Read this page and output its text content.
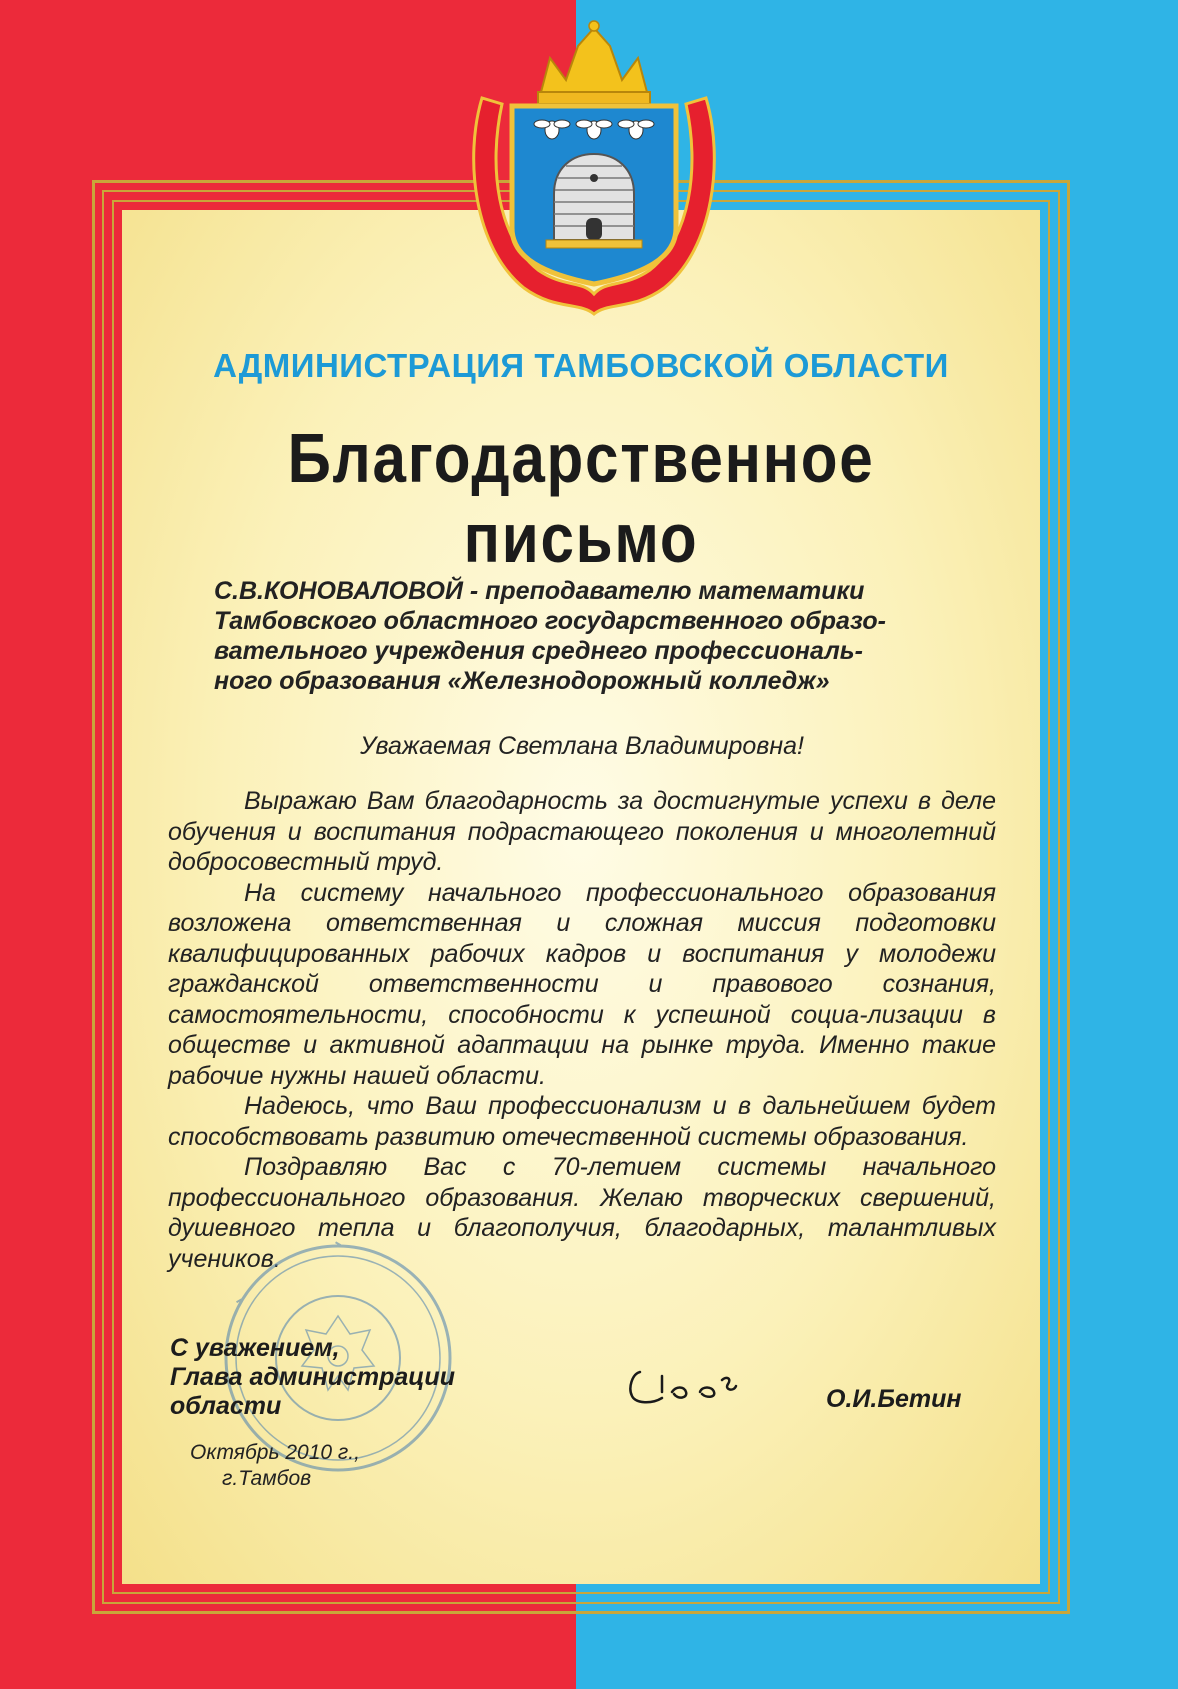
АДМИНИСТРАЦИЯ ТАМБОВСКОЙ ОБЛАСТИ
Благодарственное письмо

С.В.КОНОВАЛОВОЙ - преподавателю математики

Тамбовского областного государственного образо-

вательного учреждения среднего профессиональ-

ного образования «Железнодорожный колледж»

Уважаемая Светлана Владимировна!

Выражаю Вам благодарность за достигнутые успехи в деле обучения и воспитания подрастающего поколения и многолетний добросовестный труд.

На систему начального профессионального образования возложена ответственная и сложная миссия подготовки квалифицированных рабочих кадров и воспитания у молодежи гражданской ответственности и правового сознания, самостоятельности, способности к успешной социа-лизации в обществе и активной адаптации на рынке труда. Именно такие рабочие нужны нашей области.

Надеюсь, что Ваш профессионализм и в дальнейшем будет способствовать развитию отечественной системы образования.

Поздравляю Вас с 70-летием системы начального профессионального образования. Желаю творческих свершений, душевного тепла и благополучия, благодарных, талантливых учеников.

С уважением,
Глава администрации
области	О.И.Бетин
Октябрь 2010 г.,
г.Тамбов
